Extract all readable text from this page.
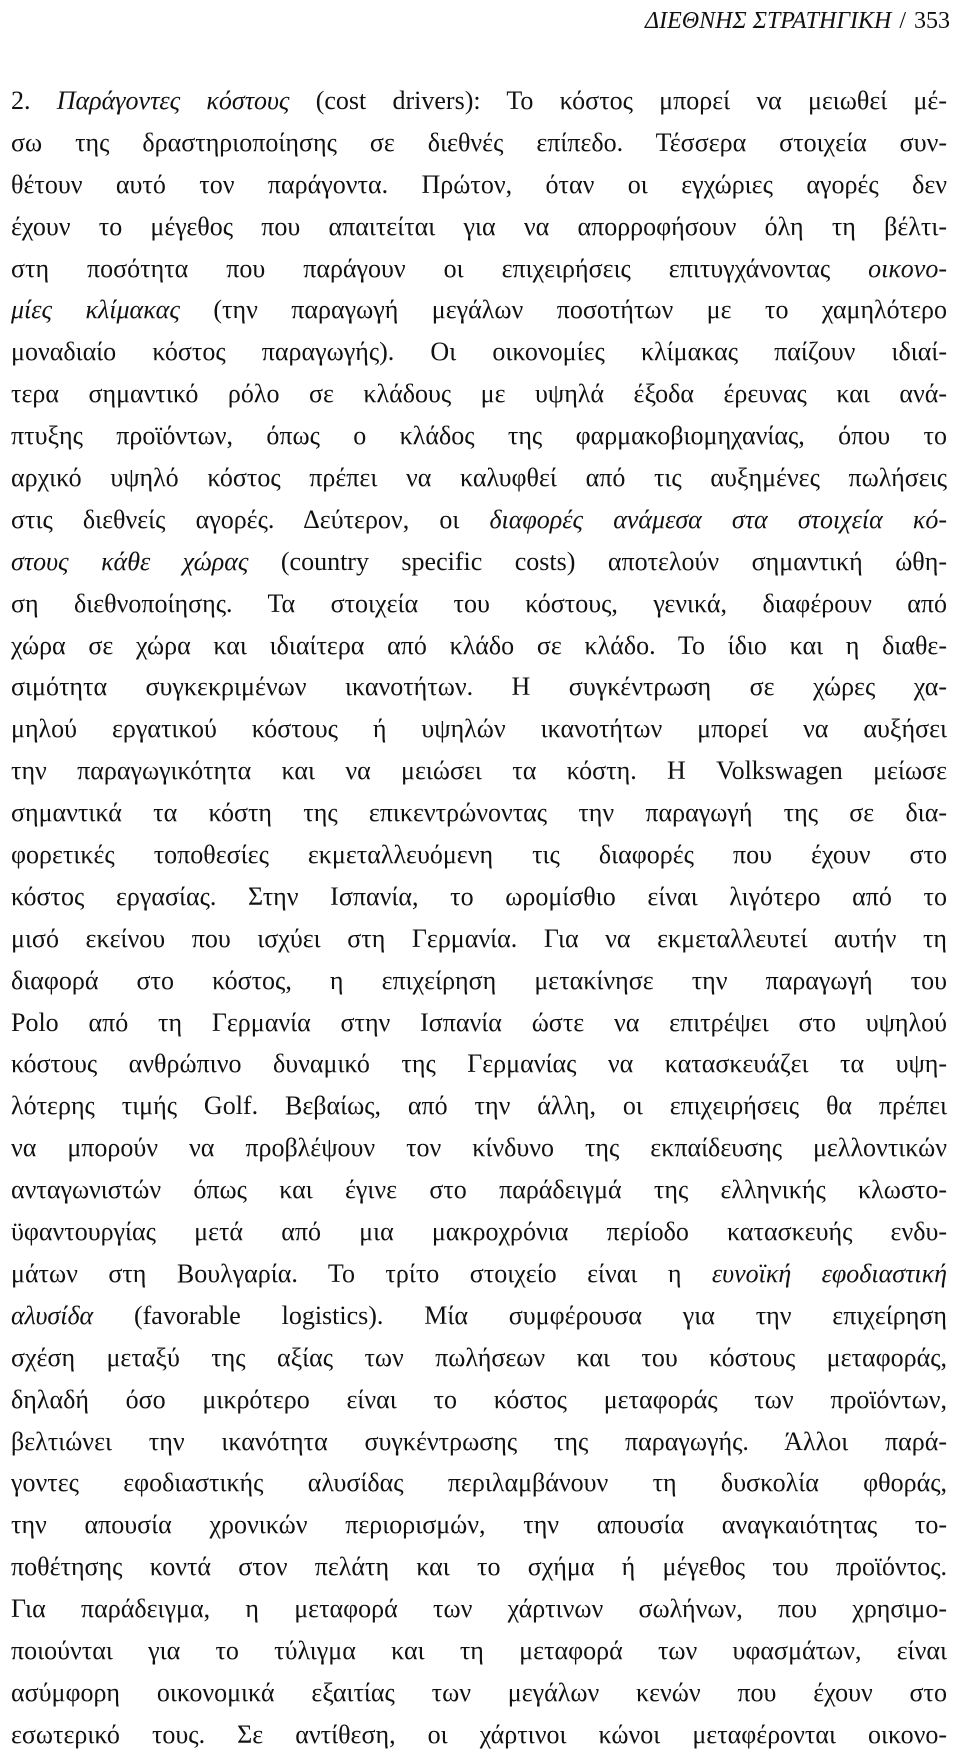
ΔΙΕΘΝΗΣ ΣΤΡΑΤΗΓΙΚΗ / 353
2. Παράγοντες κόστους (cost drivers): Το κόστος μπορεί να μειωθεί μέ-
σω της δραστηριοποίησης σε διεθνές επίπεδο. Τέσσερα στοιχεία συν-
θέτουν αυτό τον παράγοντα. Πρώτον, όταν οι εγχώριες αγορές δεν
έχουν το μέγεθος που απαιτείται για να απορροφήσουν όλη τη βέλτι-
στη ποσότητα που παράγουν οι επιχειρήσεις επιτυγχάνοντας οικονο-
μίες κλίμακας (την παραγωγή μεγάλων ποσοτήτων με το χαμηλότερο
μοναδιαίο κόστος παραγωγής). Οι οικονομίες κλίμακας παίζουν ιδιαί-
τερα σημαντικό ρόλο σε κλάδους με υψηλά έξοδα έρευνας και ανά-
πτυξης προϊόντων, όπως ο κλάδος της φαρμακοβιομηχανίας, όπου το
αρχικό υψηλό κόστος πρέπει να καλυφθεί από τις αυξημένες πωλήσεις
στις διεθνείς αγορές. Δεύτερον, οι διαφορές ανάμεσα στα στοιχεία κό-
στους κάθε χώρας (country specific costs) αποτελούν σημαντική ώθη-
ση διεθνοποίησης. Τα στοιχεία του κόστους, γενικά, διαφέρουν από
χώρα σε χώρα και ιδιαίτερα από κλάδο σε κλάδο. Το ίδιο και η διαθε-
σιμότητα συγκεκριμένων ικανοτήτων. Η συγκέντρωση σε χώρες χα-
μηλού εργατικού κόστους ή υψηλών ικανοτήτων μπορεί να αυξήσει
την παραγωγικότητα και να μειώσει τα κόστη. Η Volkswagen μείωσε
σημαντικά τα κόστη της επικεντρώνοντας την παραγωγή της σε δια-
φορετικές τοποθεσίες εκμεταλλευόμενη τις διαφορές που έχουν στο
κόστος εργασίας. Στην Ισπανία, το ωρομίσθιο είναι λιγότερο από το
μισό εκείνου που ισχύει στη Γερμανία. Για να εκμεταλλευτεί αυτήν τη
διαφορά στο κόστος, η επιχείρηση μετακίνησε την παραγωγή του
Polo από τη Γερμανία στην Ισπανία ώστε να επιτρέψει στο υψηλού
κόστους ανθρώπινο δυναμικό της Γερμανίας να κατασκευάζει τα υψη-
λότερης τιμής Golf. Βεβαίως, από την άλλη, οι επιχειρήσεις θα πρέπει
να μπορούν να προβλέψουν τον κίνδυνο της εκπαίδευσης μελλοντικών
ανταγωνιστών όπως και έγινε στο παράδειγμά της ελληνικής κλωστο-
ϋφαντουργίας μετά από μια μακροχρόνια περίοδο κατασκευής ενδυ-
μάτων στη Βουλγαρία. Το τρίτο στοιχείο είναι η ευνοϊκή εφοδιαστική
αλυσίδα (favorable logistics). Μία συμφέρουσα για την επιχείρηση
σχέση μεταξύ της αξίας των πωλήσεων και του κόστους μεταφοράς,
δηλαδή όσο μικρότερο είναι το κόστος μεταφοράς των προϊόντων,
βελτιώνει την ικανότητα συγκέντρωσης της παραγωγής. Άλλοι παρά-
γοντες εφοδιαστικής αλυσίδας περιλαμβάνουν τη δυσκολία φθοράς,
την απουσία χρονικών περιορισμών, την απουσία αναγκαιότητας το-
ποθέτησης κοντά στον πελάτη και το σχήμα ή μέγεθος του προϊόντος.
Για παράδειγμα, η μεταφορά των χάρτινων σωλήνων, που χρησιμο-
ποιούνται για το τύλιγμα και τη μεταφορά των υφασμάτων, είναι
ασύμφορη οικονομικά εξαιτίας των μεγάλων κενών που έχουν στο
εσωτερικό τους. Σε αντίθεση, οι χάρτινοι κώνοι μεταφέρονται οικονο-
